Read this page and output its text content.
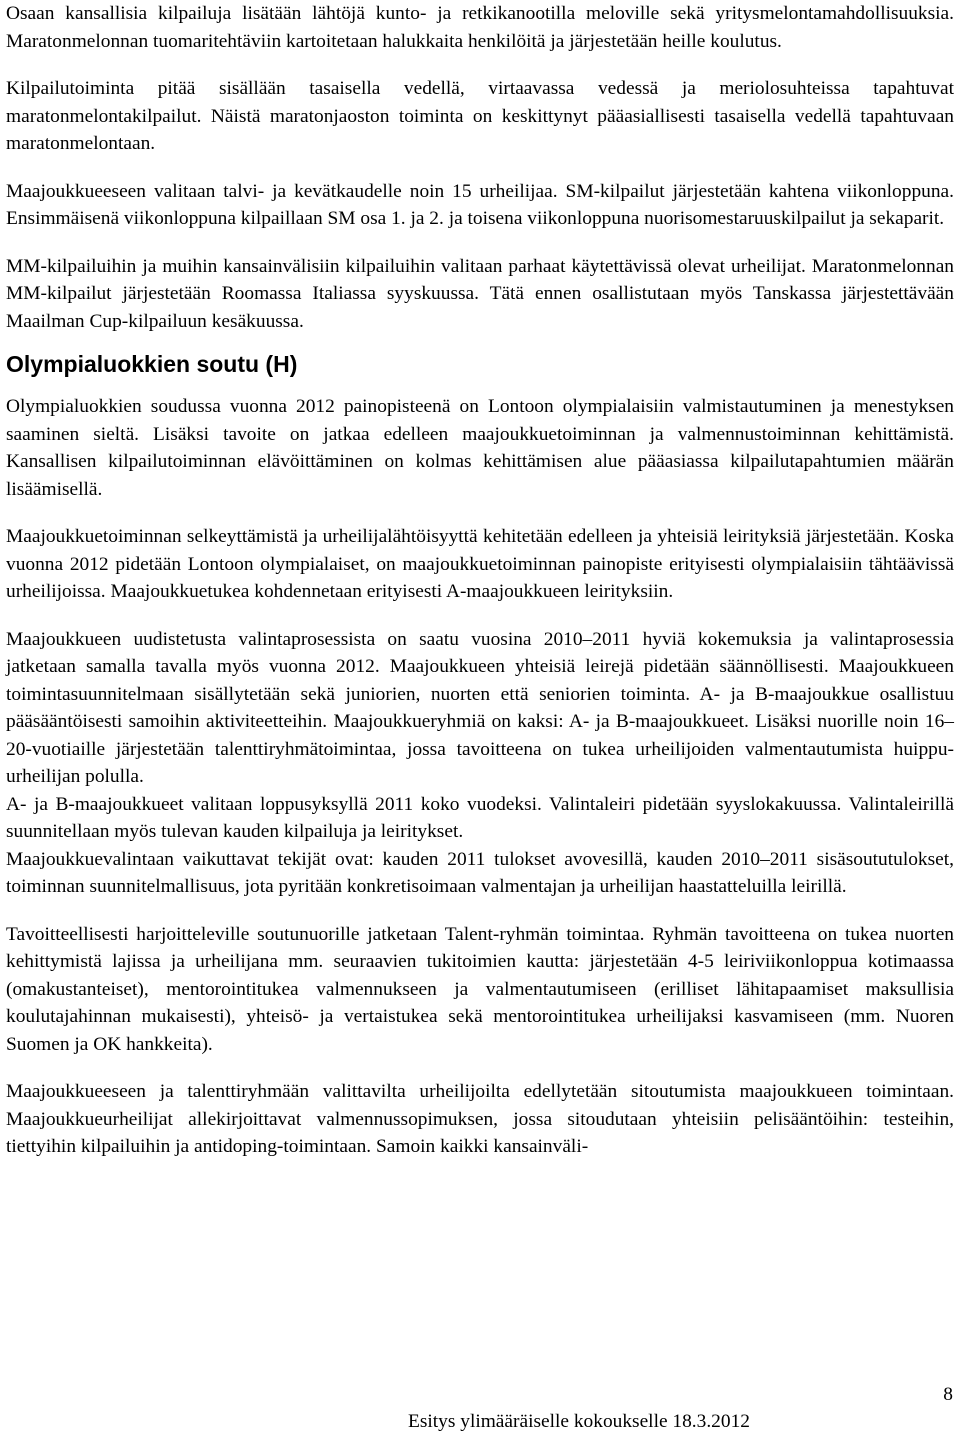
Osaan kansallisia kilpailuja lisätään lähtöjä kunto- ja retkikanootilla meloville sekä yritysmelontamahdollisuuksia. Maratonmelonnan tuomaritehtäviin kartoitetaan halukkaita henkilöitä ja järjestetään heille koulutus.

Kilpailutoiminta pitää sisällään tasaisella vedellä, virtaavassa vedessä ja meriolosuhteissa tapahtuvat maratonmelontakilpailut. Näistä maratonjaoston toiminta on keskittynyt pääasiallisesti tasaisella vedellä tapahtuvaan maratonmelontaan.

Maajoukkueeseen valitaan talvi- ja kevätkaudelle noin 15 urheilijaa. SM-kilpailut järjestetään kahtena viikonloppuna. Ensimmäisenä viikonloppuna kilpaillaan SM osa 1. ja 2. ja toisena viikonloppuna nuorisomestaruuskilpailut ja sekaparit.

MM-kilpailuihin ja muihin kansainvälisiin kilpailuihin valitaan parhaat käytettävissä olevat urheilijat. Maratonmelonnan MM-kilpailut järjestetään Roomassa Italiassa syyskuussa. Tätä ennen osallistutaan myös Tanskassa järjestettävään Maailman Cup-kilpailuun kesäkuussa.

Olympialuokkien soutu (H)

Olympialuokkien soudussa vuonna 2012 painopisteenä on Lontoon olympialaisiin valmistautuminen ja menestyksen saaminen sieltä. Lisäksi tavoite on jatkaa edelleen maajoukkuetoiminnan ja valmennustoiminnan kehittämistä. Kansallisen kilpailutoiminnan elävöittäminen on kolmas kehittämisen alue pääasiassa kilpailutapahtumien määrän lisäämisellä.

Maajoukkuetoiminnan selkeyttämistä ja urheilijalähtöisyyttä kehitetään edelleen ja yhteisiä leirityksiä järjestetään. Koska vuonna 2012 pidetään Lontoon olympialaiset, on maajoukkuetoiminnan painopiste erityisesti olympialaisiin tähtäävissä urheilijoissa. Maajoukkuetukea kohdennetaan erityisesti A-maajoukkueen leirityksiin.

Maajoukkueen uudistetusta valintaprosessista on saatu vuosina 2010–2011 hyviä kokemuksia ja valintaprosessia jatketaan samalla tavalla myös vuonna 2012. Maajoukkueen yhteisiä leirejä pidetään säännöllisesti. Maajoukkueen toimintasuunnitelmaan sisällytetään sekä juniorien, nuorten että seniorien toiminta. A- ja B-maajoukkue osallistuu pääsääntöisesti samoihin aktiviteetteihin. Maajoukkueryhmiä on kaksi: A- ja B-maajoukkueet. Lisäksi nuorille noin 16–20-vuotiaille järjestetään talenttiryhmätoimintaa, jossa tavoitteena on tukea urheilijoiden valmentautumista huippu-urheilijan polulla.

A- ja B-maajoukkueet valitaan loppusyksyllä 2011 koko vuodeksi. Valintaleiri pidetään syyslokakuussa. Valintaleirillä suunnitellaan myös tulevan kauden kilpailuja ja leiritykset.

Maajoukkuevalintaan vaikuttavat tekijät ovat: kauden 2011 tulokset avovesillä, kauden 2010–2011 sisäsoututulokset, toiminnan suunnitelmallisuus, jota pyritään konkretisoimaan valmentajan ja urheilijan haastatteluilla leirillä.

Tavoitteellisesti harjoitteleville soutunuorille jatketaan Talent-ryhmän toimintaa. Ryhmän tavoitteena on tukea nuorten kehittymistä lajissa ja urheilijana mm. seuraavien tukitoimien kautta: järjestetään 4-5 leiriviikonloppua kotimaassa (omakustanteiset), mentorointitukea valmennukseen ja valmentautumiseen (erilliset lähitapaamiset maksullisia koulutajahinnan mukaisesti), yhteisö- ja vertaistukea sekä mentorointitukea urheilijaksi kasvamiseen (mm. Nuoren Suomen ja OK hankkeita).

Maajoukkueeseen ja talenttiryhmään valittavilta urheilijoilta edellytetään sitoutumista maajoukkueen toimintaan. Maajoukkueurheilijat allekirjoittavat valmennussopimuksen, jossa sitoudutaan yhteisiin pelisääntöihin: testeihin, tiettyihin kilpailuihin ja antidoping-toimintaan. Samoin kaikki kansainväli-

8
Esitys ylimääräiselle kokoukselle 18.3.2012
